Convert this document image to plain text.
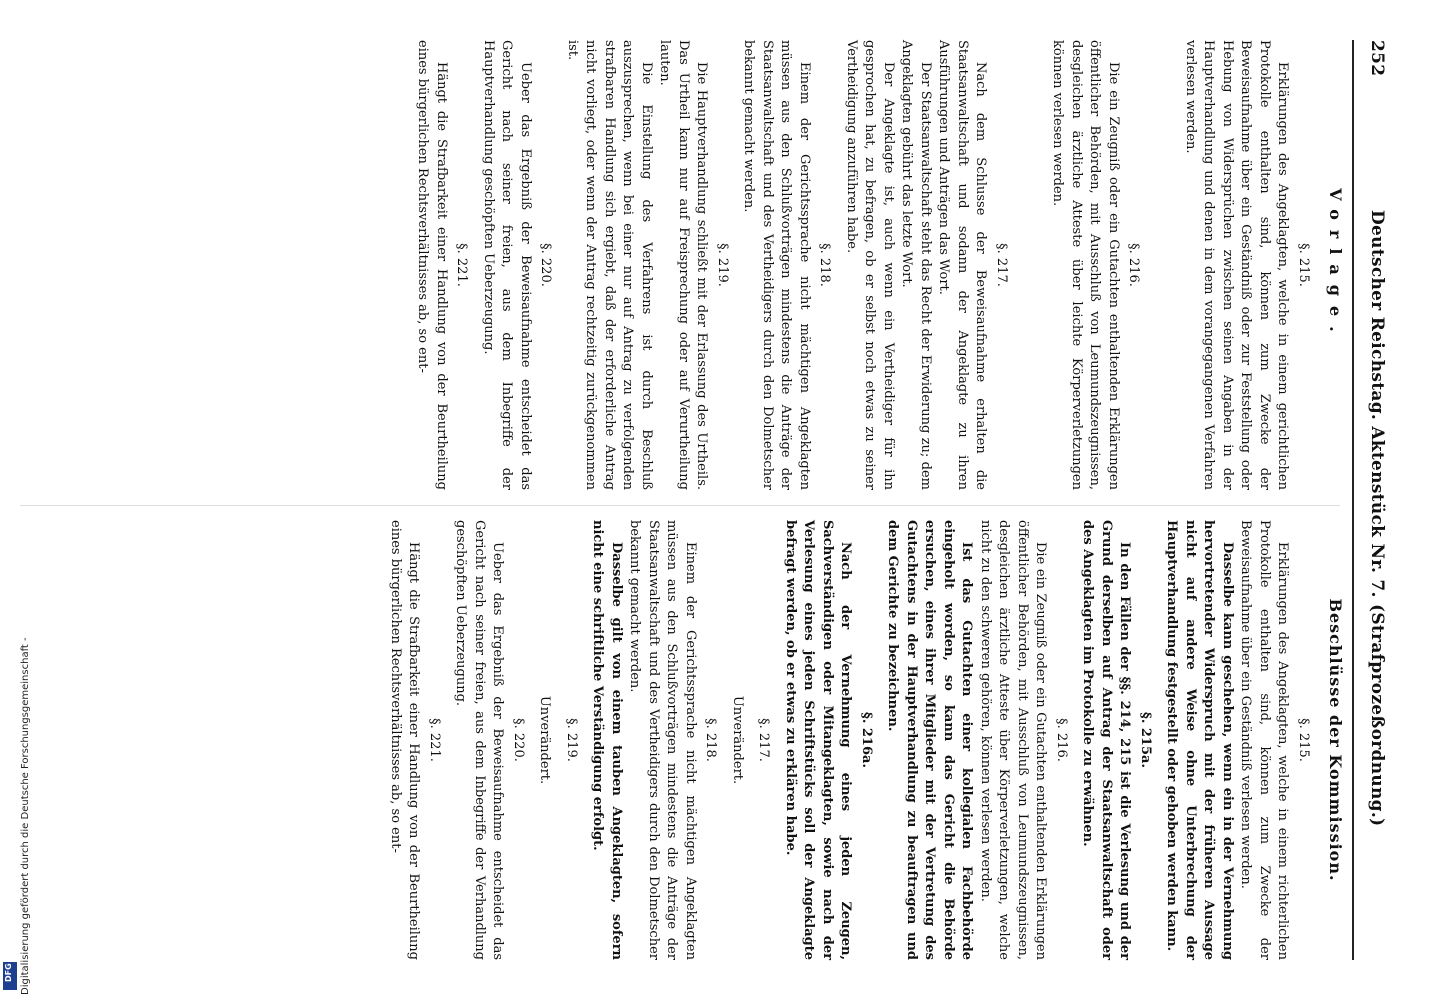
Digitalisierung gefördert durch die Deutsche Forschungsgemeinschaft -
DFG
252
Deutscher Reichstag. Aktenstück Nr. 7. (Strafprozeßordnung.)
Vorlage.
Beschlüsse der Kommission.
§. 215.

Erklärungen des Angeklagten, welche in einem gerichtlichen Protokolle enthalten sind, können zum Zwecke der Beweisaufnahme über ein Geständniß oder zur Feststellung oder Hebung von Widersprüchen zwischen seinen Angaben in der Hauptverhandlung und denen in dem vorangegangenen Verfahren verlesen werden.

§. 216.

Die ein Zeugniß oder ein Gutachten enthaltenden Erklärungen öffentlicher Behörden, mit Ausschluß von Leumundszeugnissen, desgleichen ärztliche Atteste über leichte Körperverletzungen können verlesen werden.

§. 217.

Nach dem Schlusse der Beweisaufnahme erhalten die Staatsanwaltschaft und sodann der Angeklagte zu ihren Ausführungen und Anträgen das Wort.

Der Staatsanwaltschaft steht das Recht der Erwiderung zu; dem Angeklagten gebührt das letzte Wort.

Der Angeklagte ist, auch wenn ein Vertheidiger für ihn gesprochen hat, zu befragen, ob er selbst noch etwas zu seiner Vertheidigung anzuführen habe.

§. 218.

Einem der Gerichtssprache nicht mächtigen Angeklagten müssen aus den Schlußvorträgen mindestens die Anträge der Staatsanwaltschaft und des Vertheidigers durch den Dolmetscher bekannt gemacht werden.

§. 219.

Die Hauptverhandlung schließt mit der Erlassung des Urtheils. Das Urtheil kann nur auf Freisprechung oder auf Verurtheilung lauten.

Die Einstellung des Verfahrens ist durch Beschluß auszusprechen, wenn bei einer nur auf Antrag zu verfolgenden strafbaren Handlung sich ergiebt, daß der erforderliche Antrag nicht vorliegt, oder wenn der Antrag rechtzeitig zurückgenommen ist.

§. 220.

Ueber das Ergebniß der Beweisaufnahme entscheidet das Gericht nach seiner freien, aus dem Inbegriffe der Hauptverhandlung geschöpften Ueberzeugung.

§. 221.

Hängt die Strafbarkeit einer Handlung von der Beurtheilung eines bürgerlichen Rechtsverhältnisses ab, so ent-

§. 215.

Erklärungen des Angeklagten, welche in einem richterlichen Protokolle enthalten sind, können zum Zwecke der Beweisaufnahme über ein Geständniß verlesen werden.

Dasselbe kann geschehen, wenn ein in der Vernehmung hervortretender Widerspruch mit der früheren Aussage nicht auf andere Weise ohne Unterbrechung der Hauptverhandlung festgestellt oder gehoben werden kann.

§. 215a.

In den Fällen der §§. 214, 215 ist die Verlesung und der Grund derselben auf Antrag der Staatsanwaltschaft oder des Angeklagten im Protokolle zu erwähnen.

§. 216.

Die ein Zeugniß oder ein Gutachten enthaltenden Erklärungen öffentlicher Behörden, mit Ausschluß von Leumundszeugnissen, desgleichen ärztliche Atteste über Körperverletzungen, welche nicht zu den schweren gehören, können verlesen werden.

Ist das Gutachten einer kollegialen Fachbehörde eingeholt worden, so kann das Gericht die Behörde ersuchen, eines ihrer Mitglieder mit der Vertretung des Gutachtens in der Hauptverhandlung zu beauftragen und dem Gerichte zu bezeichnen.

§. 216a.

Nach der Vernehmung eines jeden Zeugen, Sachverständigen oder Mitangeklagten, sowie nach der Verlesung eines jeden Schriftstücks soll der Angeklagte befragt werden, ob er etwas zu erklären habe.

§. 217.

Unverändert.

§. 218.

Einem der Gerichtssprache nicht mächtigen Angeklagten müssen aus den Schlußvorträgen mindestens die Anträge der Staatsanwaltschaft und des Vertheidigers durch den Dolmetscher bekannt gemacht werden.

Dasselbe gilt von einem tauben Angeklagten, sofern nicht eine schriftliche Verständigung erfolgt.

§. 219.

Unverändert.

§. 220.

Ueber das Ergebniß der Beweisaufnahme entscheidet das Gericht nach seiner freien, aus dem Inbegriffe der Verhandlung geschöpften Ueberzeugung.

§. 221.

Hängt die Strafbarkeit einer Handlung von der Beurtheilung eines bürgerlichen Rechtsverhältnisses ab, so ent-
